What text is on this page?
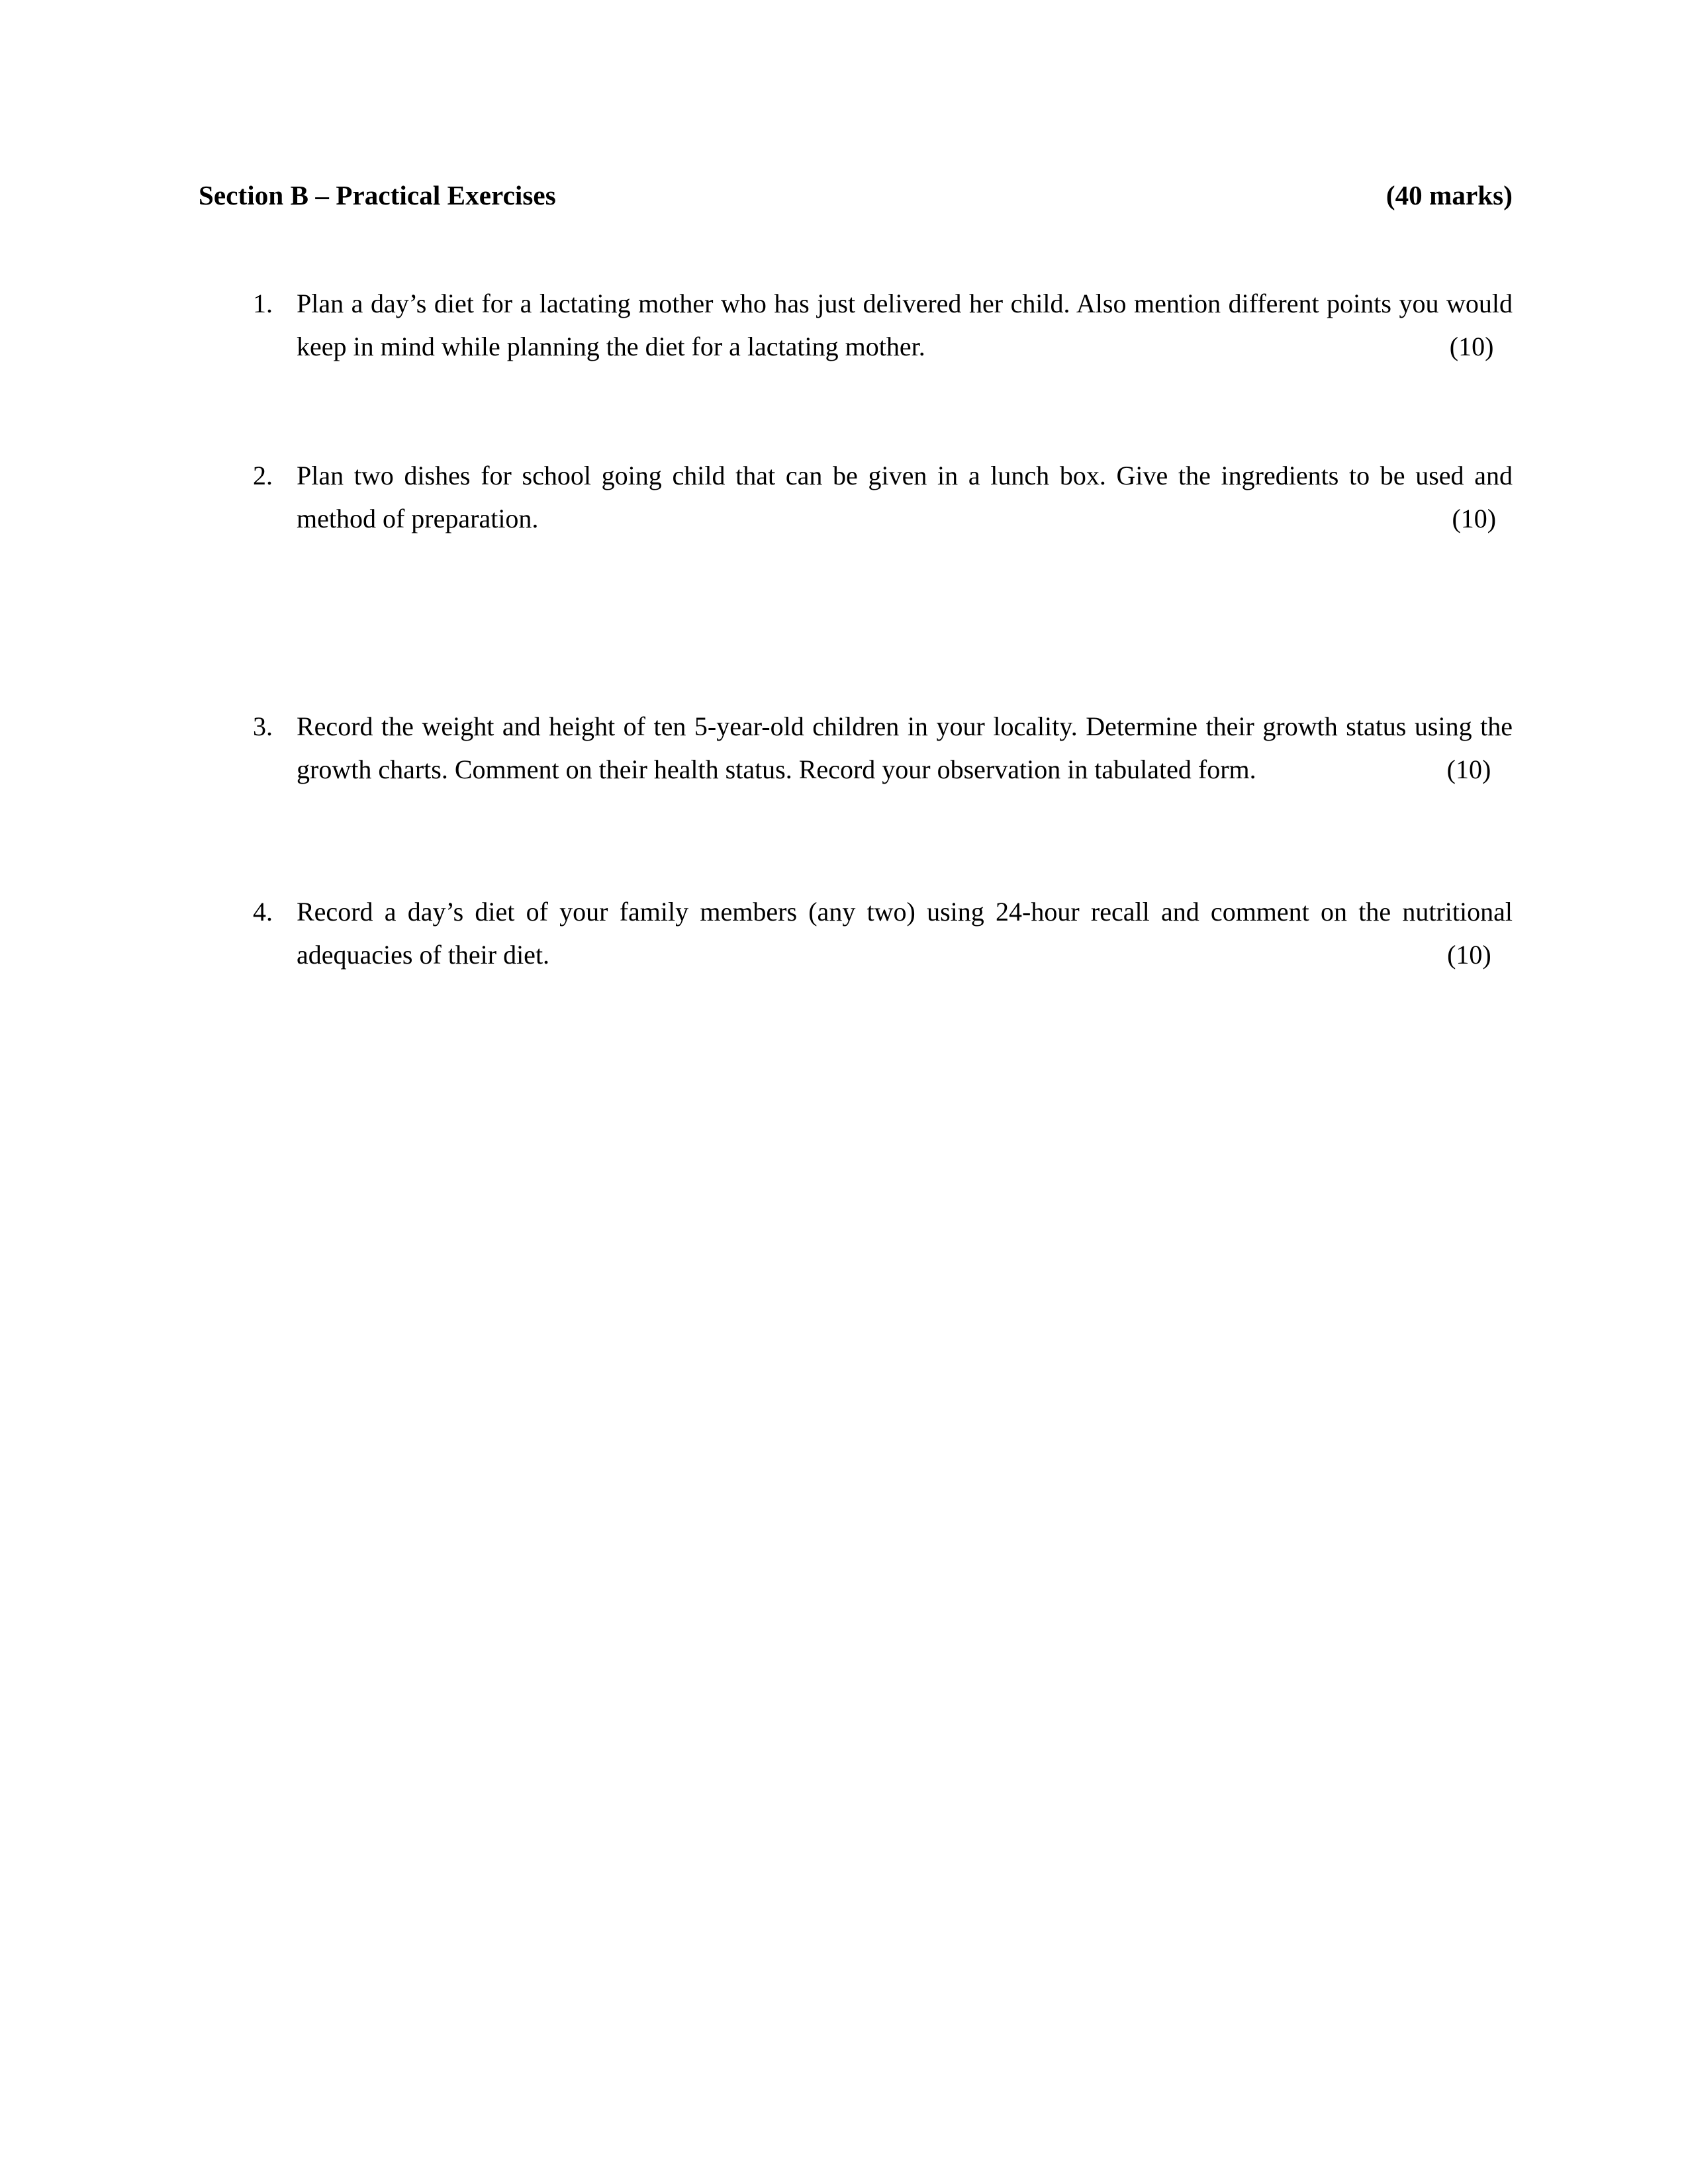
Section B – Practical Exercises	(40 marks)
1. Plan a day’s diet for a lactating mother who has just delivered her child. Also mention different points you would keep in mind while planning the diet for a lactating mother.	(10)
2. Plan two dishes for school going child that can be given in a lunch box. Give the ingredients to be used and method of preparation.	(10)
3. Record the weight and height of ten 5-year-old children in your locality. Determine their growth status using the growth charts. Comment on their health status. Record your observation in tabulated form.	(10)
4. Record a day’s diet of your family members (any two) using 24-hour recall and comment on the nutritional adequacies of their diet.	(10)
